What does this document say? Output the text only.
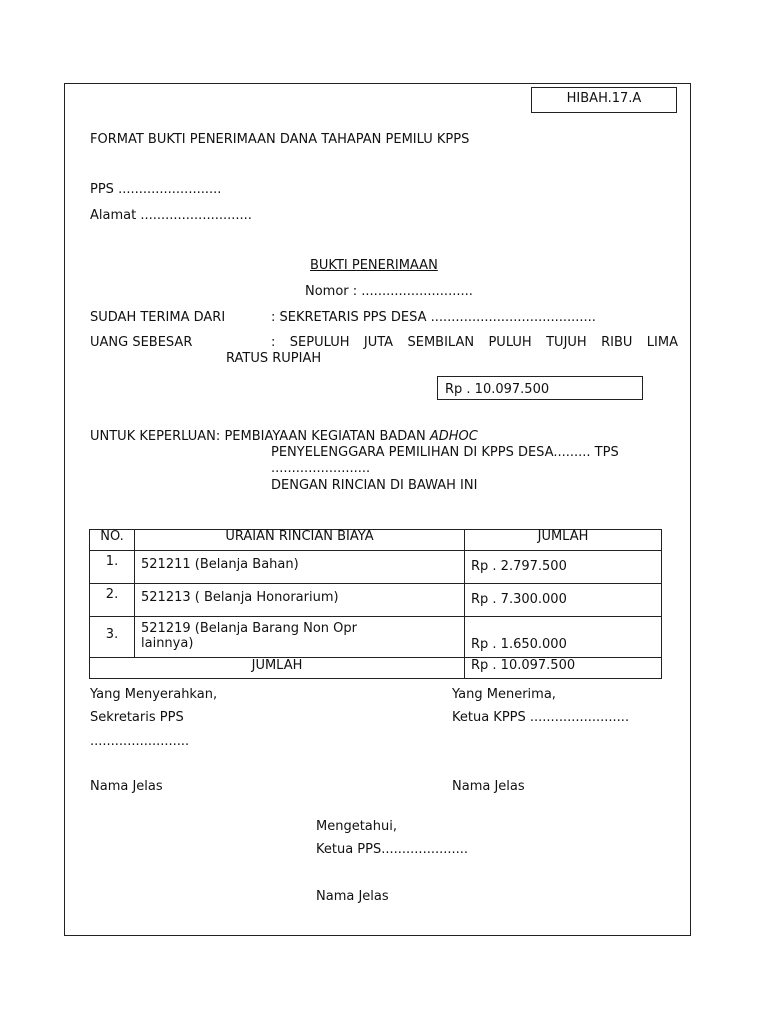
HIBAH.17.A
FORMAT BUKTI PENERIMAAN DANA TAHAPAN PEMILU KPPS
PPS .........................
Alamat ...........................
BUKTI PENERIMAAN
Nomor : ...........................
SUDAH TERIMA DARI	: SEKRETARIS PPS DESA ........................................
UANG SEBESAR	: SEPULUH JUTA SEMBILAN PULUH TUJUH RIBU LIMA
RATUS RUPIAH
Rp . 10.097.500
UNTUK KEPERLUAN: PEMBIAYAAN KEGIATAN BADAN ADHOC
PENYELENGGARA PEMILIHAN DI KPPS DESA......... TPS
........................
DENGAN RINCIAN DI BAWAH INI
NO.	URAIAN RINCIAN BIAYA	JUMLAH
1.	521211 (Belanja Bahan)	Rp . 2.797.500
2.	521213 ( Belanja Honorarium)	Rp . 7.300.000
3.	521219 (Belanja Barang Non Opr
lainnya)	Rp . 1.650.000
JUMLAH		Rp . 10.097.500
Yang Menyerahkan,
Sekretaris PPS
........................
Nama Jelas
Yang Menerima,
Ketua KPPS ........................
Nama Jelas
Mengetahui,
Ketua PPS.....................
Nama Jelas
